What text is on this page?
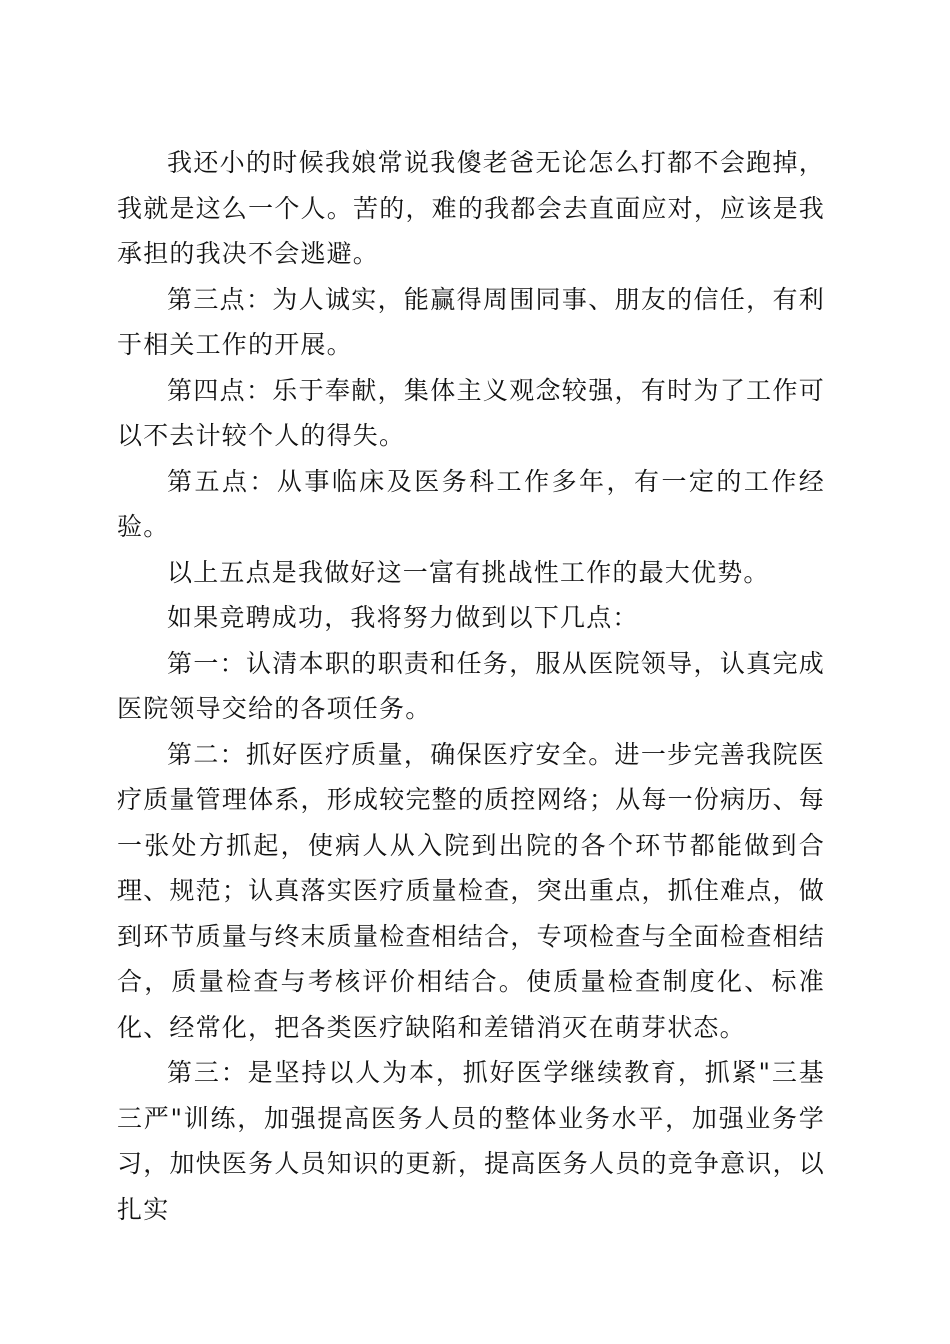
我还小的时候我娘常说我傻老爸无论怎么打都不会跑掉，我就是这么一个人。苦的，难的我都会去直面应对，应该是我承担的我决不会逃避。

第三点：为人诚实，能赢得周围同事、朋友的信任，有利于相关工作的开展。

第四点：乐于奉献，集体主义观念较强，有时为了工作可以不去计较个人的得失。

第五点：从事临床及医务科工作多年，有一定的工作经验。

以上五点是我做好这一富有挑战性工作的最大优势。

如果竞聘成功，我将努力做到以下几点：

第一：认清本职的职责和任务，服从医院领导，认真完成医院领导交给的各项任务。

第二：抓好医疗质量，确保医疗安全。进一步完善我院医疗质量管理体系，形成较完整的质控网络；从每一份病历、每一张处方抓起，使病人从入院到出院的各个环节都能做到合理、规范；认真落实医疗质量检查，突出重点，抓住难点，做到环节质量与终末质量检查相结合，专项检查与全面检查相结合，质量检查与考核评价相结合。使质量检查制度化、标准化、经常化，把各类医疗缺陷和差错消灭在萌芽状态。

第三：是坚持以人为本，抓好医学继续教育，抓紧"三基三严"训练，加强提高医务人员的整体业务水平，加强业务学习，加快医务人员知识的更新，提高医务人员的竞争意识，以扎实
